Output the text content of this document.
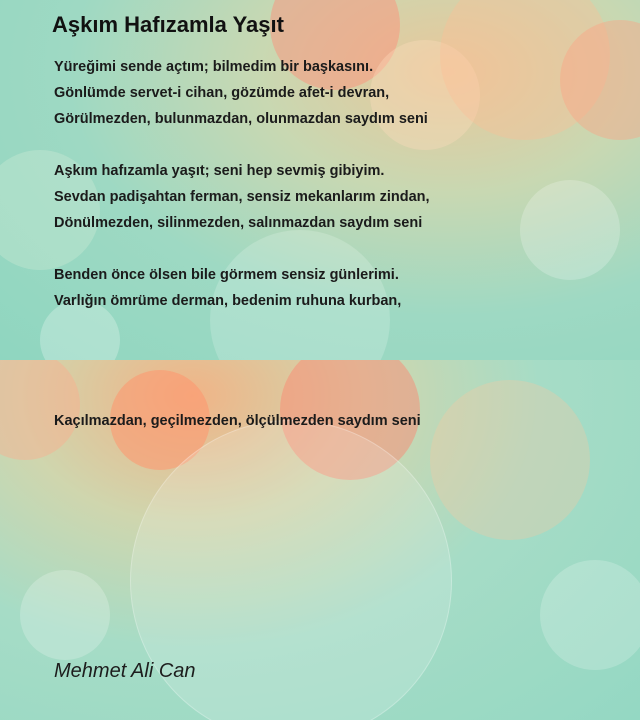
Aşkım Hafızamla Yaşıt
Yüreğimi sende açtım; bilmedim bir başkasını.
Gönlümde servet-i cihan, gözümde afet-i devran,
Görülmezden, bulunmazdan, olunmazdan saydım seni
Aşkım hafızamla yaşıt; seni hep sevmiş gibiyim.
Sevdan padişahtan ferman, sensiz mekanlarım zindan,
Dönülmezden, silinmezden, salınmazdan saydım seni
Benden önce ölsen bile görmem sensiz günlerimi.
Varlığın ömrüme derman, bedenim ruhuna kurban,
Kaçılmazdan, geçilmezden, ölçülmezden saydım seni
Mehmet Ali Can
